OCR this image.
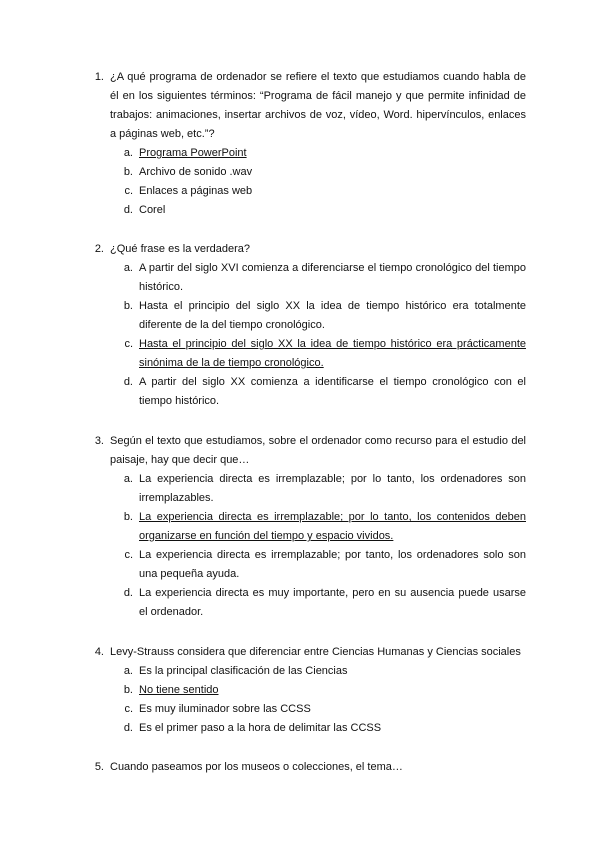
1. ¿A qué programa de ordenador se refiere el texto que estudiamos cuando habla de él en los siguientes términos: “Programa de fácil manejo y que permite infinidad de trabajos: animaciones, insertar archivos de voz, vídeo, Word. hipervínculos, enlaces a páginas web, etc.”?
a. Programa PowerPoint
b. Archivo de sonido .wav
c. Enlaces a páginas web
d. Corel
2. ¿Qué frase es la verdadera?
a. A partir del siglo XVI comienza a diferenciarse el tiempo cronológico del tiempo histórico.
b. Hasta el principio del siglo XX la idea de tiempo histórico era totalmente diferente de la del tiempo cronológico.
c. Hasta el principio del siglo XX la idea de tiempo histórico era prácticamente sinónima de la de tiempo cronológico.
d. A partir del siglo XX comienza a identificarse el tiempo cronológico con el tiempo histórico.
3. Según el texto que estudiamos, sobre el ordenador como recurso para el estudio del paisaje, hay que decir que…
a. La experiencia directa es irremplazable; por lo tanto, los ordenadores son irremplazables.
b. La experiencia directa es irremplazable; por lo tanto, los contenidos deben organizarse en función del tiempo y espacio vividos.
c. La experiencia directa es irremplazable; por tanto, los ordenadores solo son una pequeña ayuda.
d. La experiencia directa es muy importante, pero en su ausencia puede usarse el ordenador.
4. Levy-Strauss considera que diferenciar entre Ciencias Humanas y Ciencias sociales
a. Es la principal clasificación de las Ciencias
b. No tiene sentido
c. Es muy iluminador sobre las CCSS
d. Es el primer paso a la hora de delimitar las CCSS
5. Cuando paseamos por los museos o colecciones, el tema…
